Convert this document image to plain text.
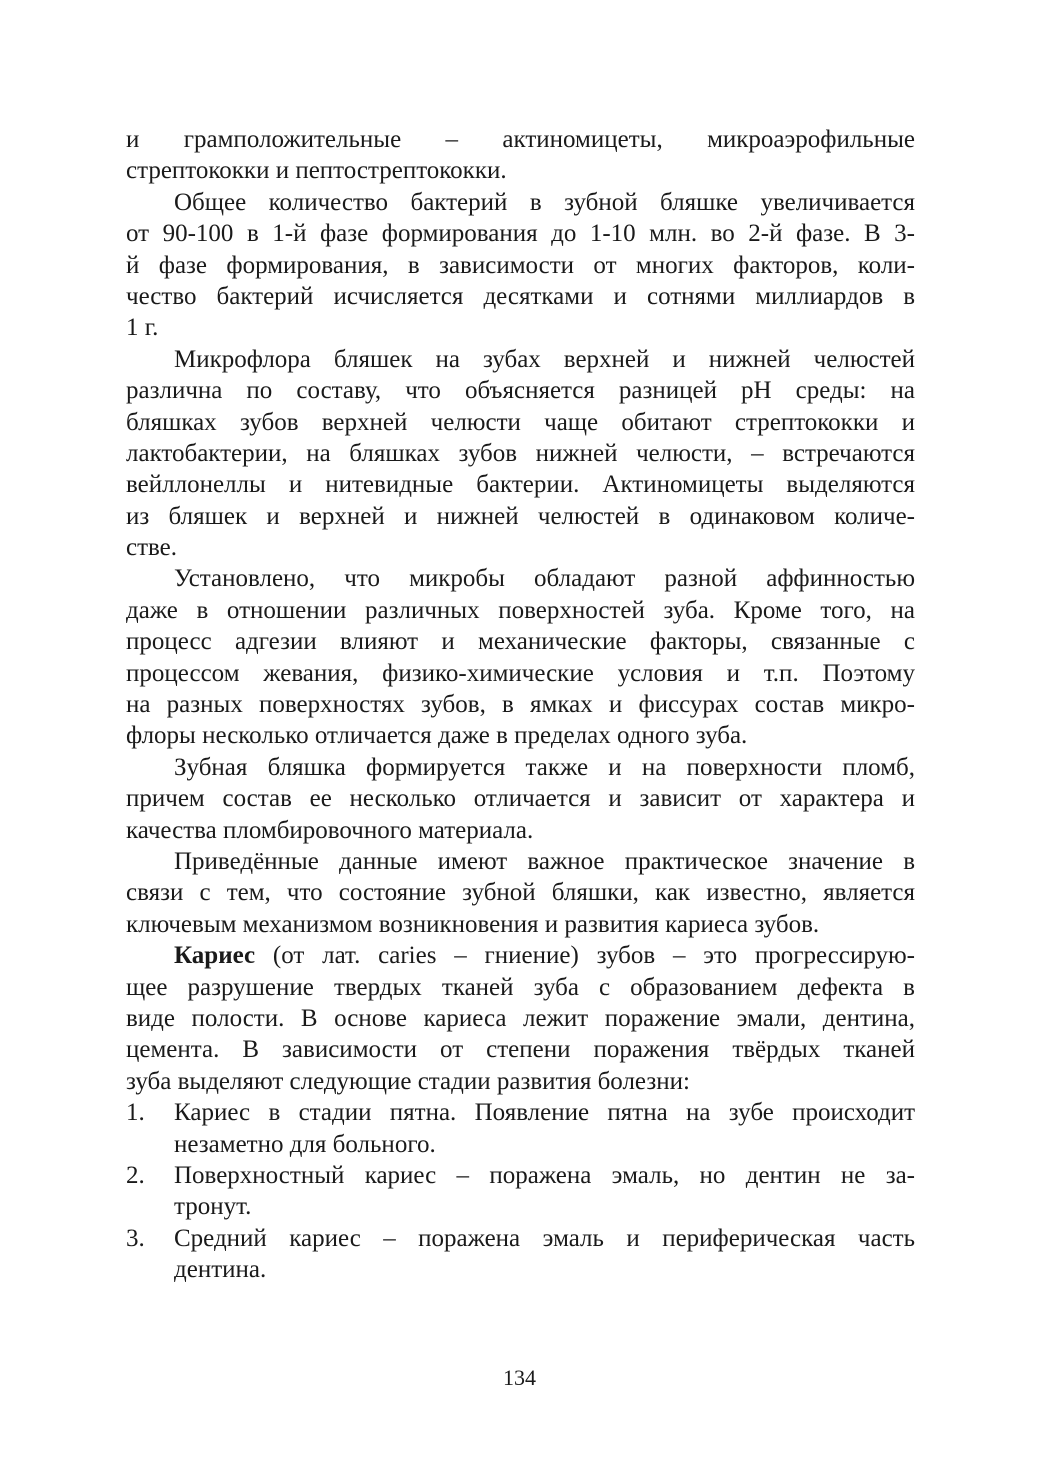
и грамположительные – актиномицеты, микроаэрофильные
стрептококки и пептострептококки.
Общее количество бактерий в зубной бляшке увеличивается
от 90-100 в 1-й фазе формирования до 1-10 млн. во 2-й фазе. В 3-
й фазе формирования, в зависимости от многих факторов, коли-
чество бактерий исчисляется десятками и сотнями миллиардов в
1 г.
Микрофлора бляшек на зубах верхней и нижней челюстей
различна по составу, что объясняется разницей pH среды: на
бляшках зубов верхней челюсти чаще обитают стрептококки и
лактобактерии, на бляшках зубов нижней челюсти, – встречаются
вейллонеллы и нитевидные бактерии. Актиномицеты выделяются
из бляшек и верхней и нижней челюстей в одинаковом количе-
стве.
Установлено, что микробы обладают разной аффинностью
даже в отношении различных поверхностей зуба. Кроме того, на
процесс адгезии влияют и механические факторы, связанные с
процессом жевания, физико-химические условия и т.п. Поэтому
на разных поверхностях зубов, в ямках и фиссурах состав микро-
флоры несколько отличается даже в пределах одного зуба.
Зубная бляшка формируется также и на поверхности пломб,
причем состав ее несколько отличается и зависит от характера и
качества пломбировочного материала.
Приведённые данные имеют важное практическое значение в
связи с тем, что состояние зубной бляшки, как известно, является
ключевым механизмом возникновения и развития кариеса зубов.
Кариес (от лат. caries – гниение) зубов – это прогрессирую-
щее разрушение твердых тканей зуба с образованием дефекта в
виде полости. В основе кариеса лежит поражение эмали, дентина,
цемента. В зависимости от степени поражения твёрдых тканей
зуба выделяют следующие стадии развития болезни:
1. Кариес в стадии пятна. Появление пятна на зубе происходит
незаметно для больного.
2. Поверхностный кариес – поражена эмаль, но дентин не за-
тронут.
3. Средний кариес – поражена эмаль и периферическая часть
дентина.
134
